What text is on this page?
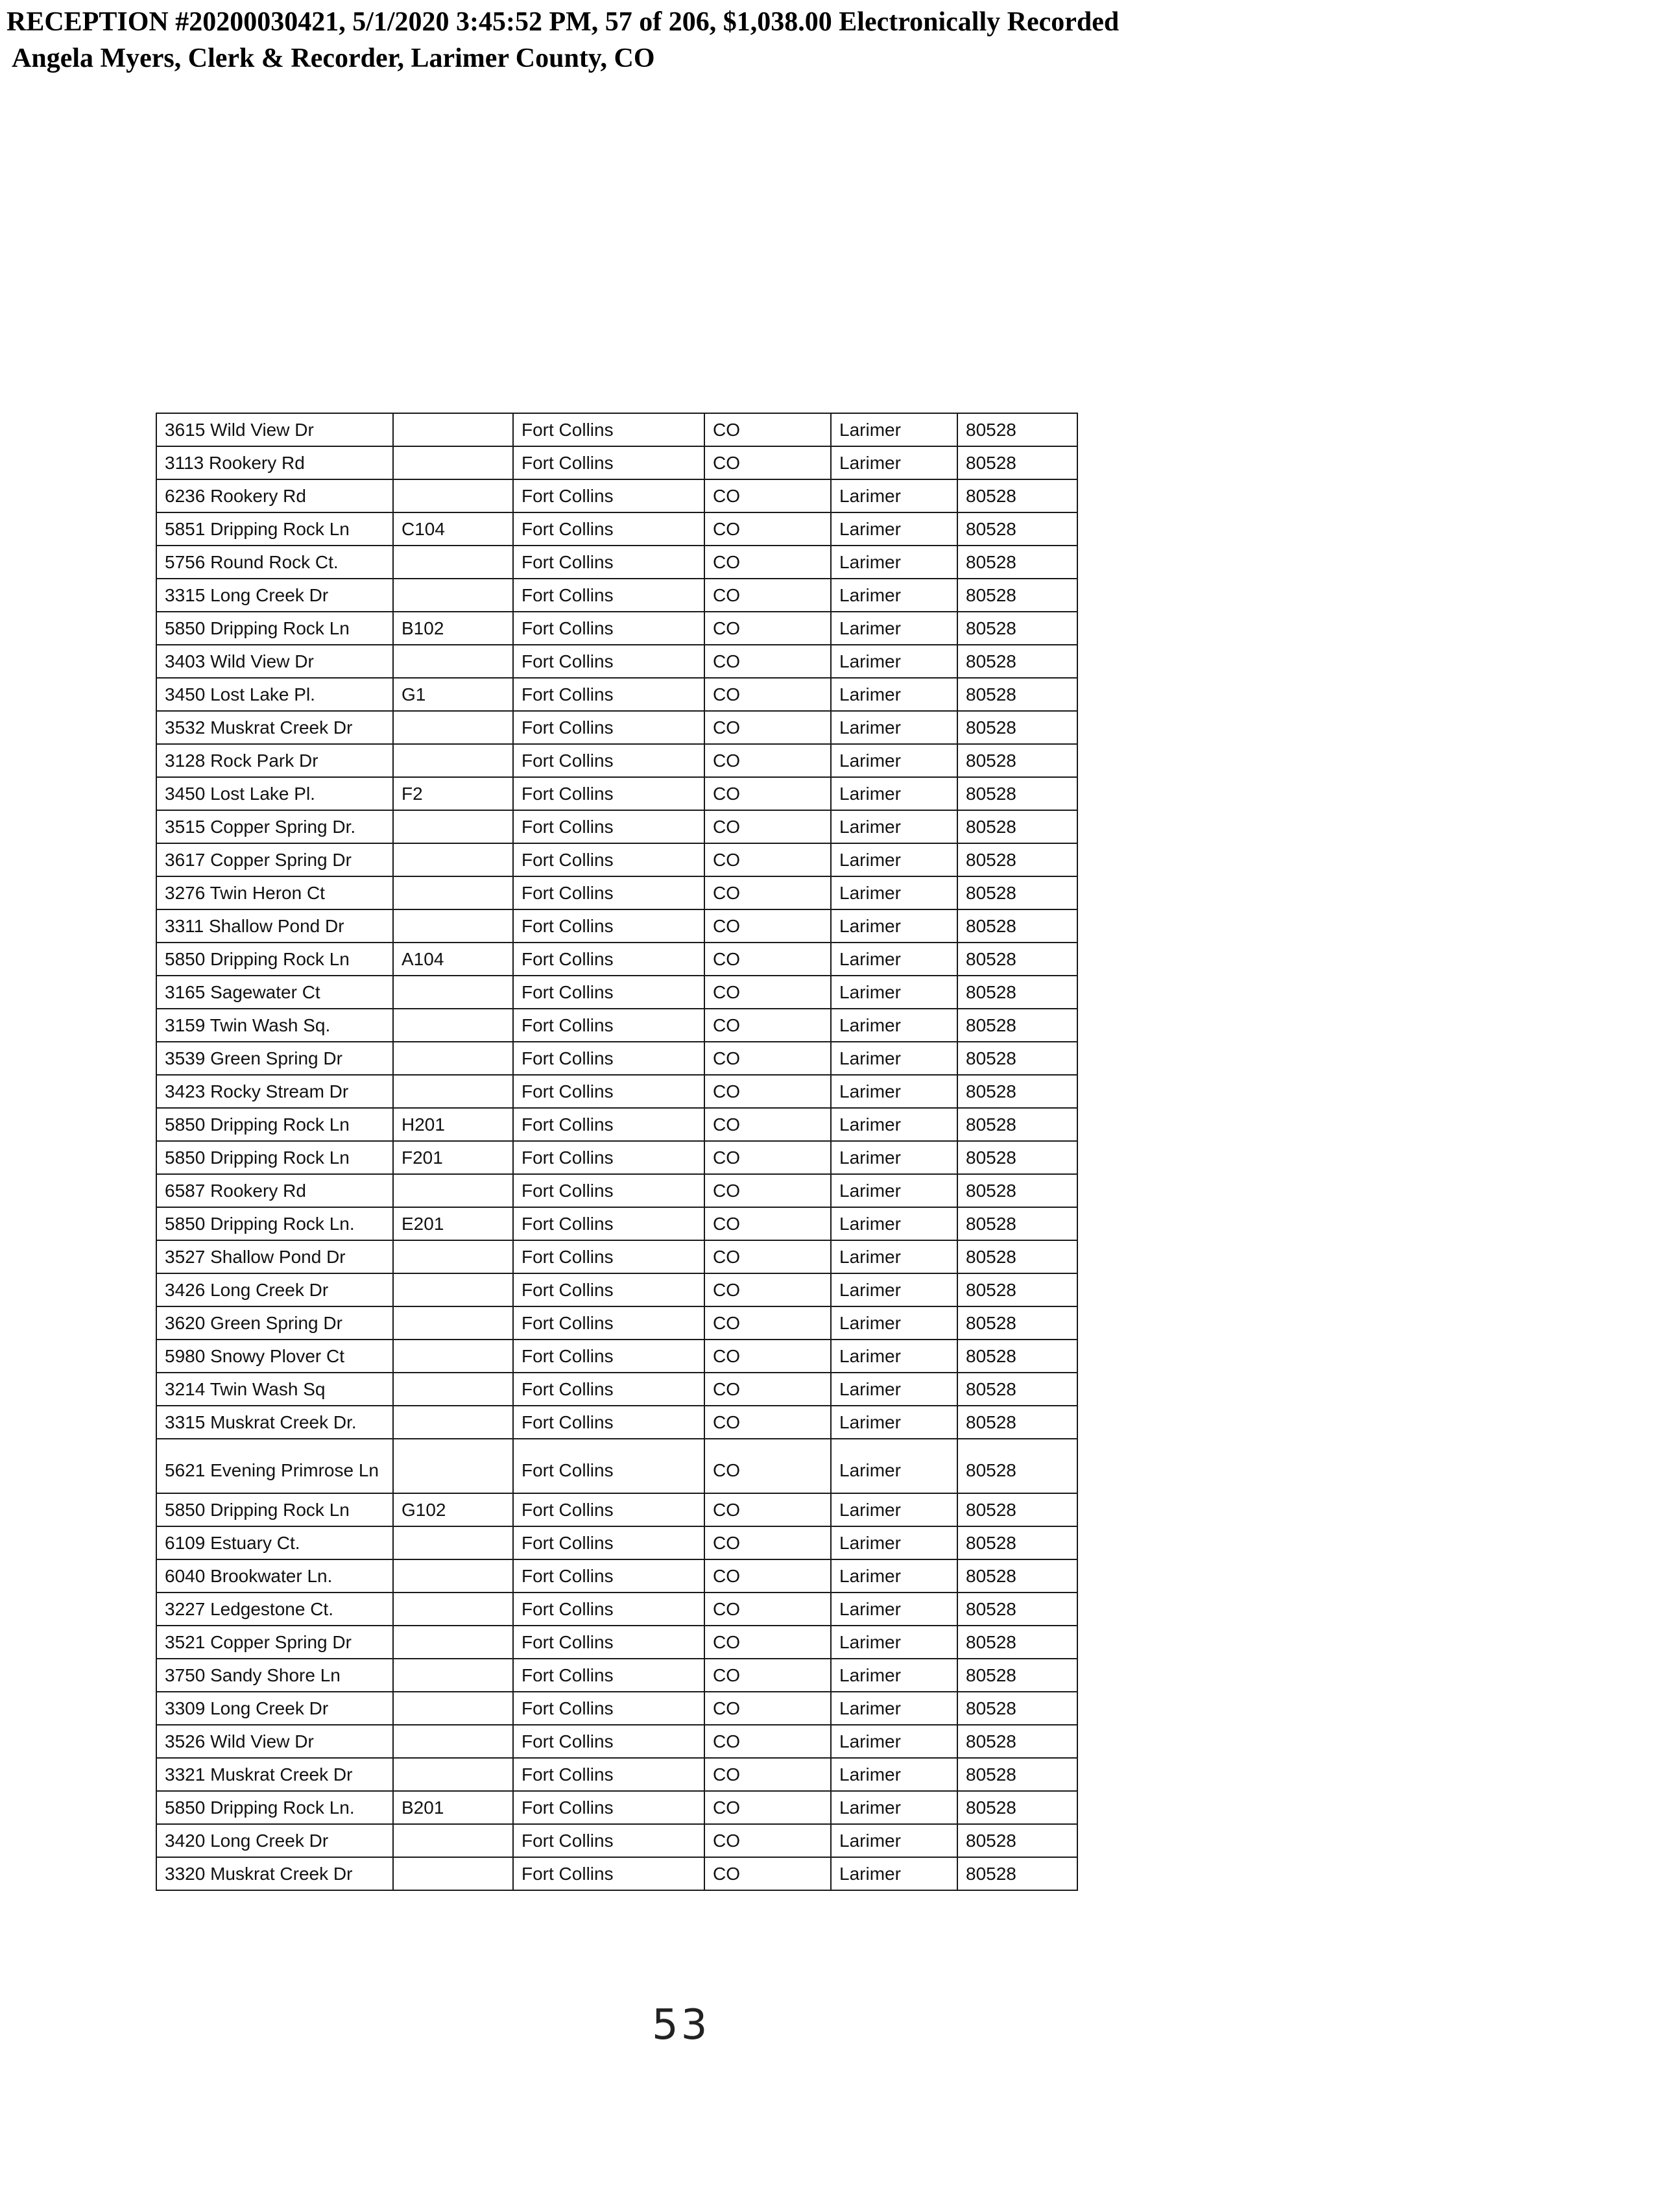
RECEPTION #20200030421, 5/1/2020 3:45:52 PM, 57 of 206, $1,038.00 Electronically Recorded
Angela Myers, Clerk & Recorder, Larimer County, CO
3615 Wild View Dr		Fort Collins	CO	Larimer	80528
3113 Rookery Rd		Fort Collins	CO	Larimer	80528
6236 Rookery Rd		Fort Collins	CO	Larimer	80528
5851 Dripping Rock Ln	C104	Fort Collins	CO	Larimer	80528
5756 Round Rock Ct.		Fort Collins	CO	Larimer	80528
3315 Long Creek Dr		Fort Collins	CO	Larimer	80528
5850 Dripping Rock Ln	B102	Fort Collins	CO	Larimer	80528
3403 Wild View Dr		Fort Collins	CO	Larimer	80528
3450 Lost Lake Pl.	G1	Fort Collins	CO	Larimer	80528
3532 Muskrat Creek Dr		Fort Collins	CO	Larimer	80528
3128 Rock Park Dr		Fort Collins	CO	Larimer	80528
3450 Lost Lake Pl.	F2	Fort Collins	CO	Larimer	80528
3515 Copper Spring Dr.		Fort Collins	CO	Larimer	80528
3617 Copper Spring Dr		Fort Collins	CO	Larimer	80528
3276 Twin Heron Ct		Fort Collins	CO	Larimer	80528
3311 Shallow Pond Dr		Fort Collins	CO	Larimer	80528
5850 Dripping Rock Ln	A104	Fort Collins	CO	Larimer	80528
3165 Sagewater Ct		Fort Collins	CO	Larimer	80528
3159 Twin Wash Sq.		Fort Collins	CO	Larimer	80528
3539 Green Spring Dr		Fort Collins	CO	Larimer	80528
3423 Rocky Stream Dr		Fort Collins	CO	Larimer	80528
5850 Dripping Rock Ln	H201	Fort Collins	CO	Larimer	80528
5850 Dripping Rock Ln	F201	Fort Collins	CO	Larimer	80528
6587 Rookery Rd		Fort Collins	CO	Larimer	80528
5850 Dripping Rock Ln.	E201	Fort Collins	CO	Larimer	80528
3527 Shallow Pond Dr		Fort Collins	CO	Larimer	80528
3426 Long Creek Dr		Fort Collins	CO	Larimer	80528
3620 Green Spring Dr		Fort Collins	CO	Larimer	80528
5980 Snowy Plover Ct		Fort Collins	CO	Larimer	80528
3214 Twin Wash Sq		Fort Collins	CO	Larimer	80528
3315 Muskrat Creek Dr.		Fort Collins	CO	Larimer	80528
5621 Evening Primrose Ln		Fort Collins	CO	Larimer	80528
5850 Dripping Rock Ln	G102	Fort Collins	CO	Larimer	80528
6109 Estuary Ct.		Fort Collins	CO	Larimer	80528
6040 Brookwater Ln.		Fort Collins	CO	Larimer	80528
3227 Ledgestone Ct.		Fort Collins	CO	Larimer	80528
3521 Copper Spring Dr		Fort Collins	CO	Larimer	80528
3750 Sandy Shore Ln		Fort Collins	CO	Larimer	80528
3309 Long Creek Dr		Fort Collins	CO	Larimer	80528
3526 Wild View Dr		Fort Collins	CO	Larimer	80528
3321 Muskrat Creek Dr		Fort Collins	CO	Larimer	80528
5850 Dripping Rock Ln.	B201	Fort Collins	CO	Larimer	80528
3420 Long Creek Dr		Fort Collins	CO	Larimer	80528
3320 Muskrat Creek Dr		Fort Collins	CO	Larimer	80528
53
